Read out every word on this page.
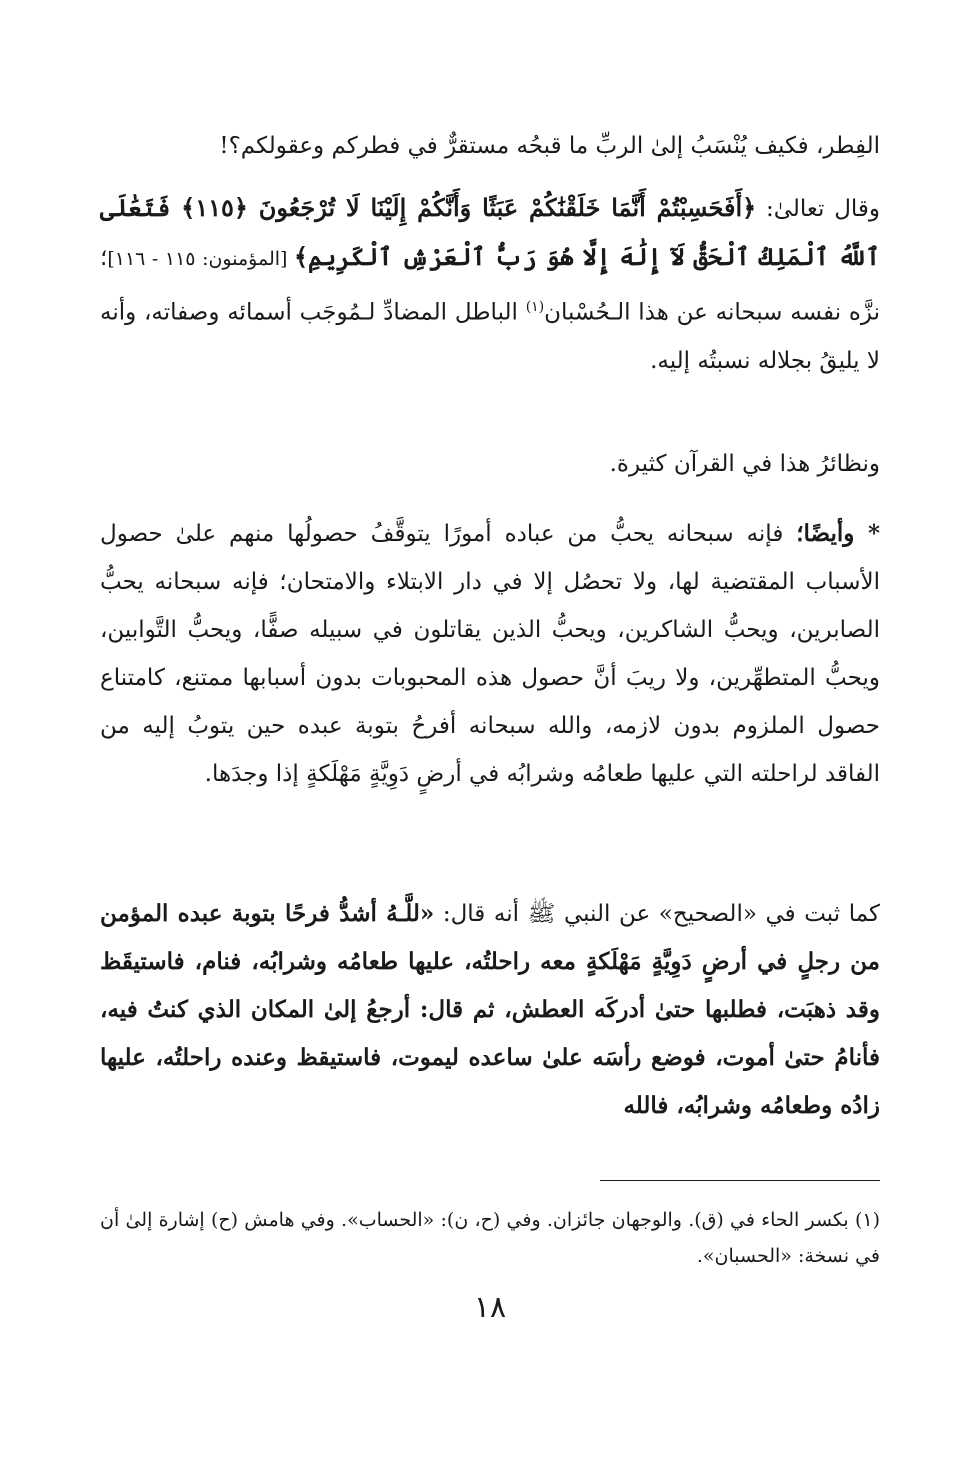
الفِطر، فكيف يُنْسَبُ إلىٰ الربِّ ما قبحُه مستقرٌّ في فطركم وعقولكم؟!

وقال تعالىٰ: ﴿أَفَحَسِبْتُمْ أَنَّمَا خَلَقْنَٰكُمْ عَبَثًا وَأَنَّكُمْ إِلَيْنَا لَا تُرْجَعُونَ ﴿١١٥﴾ فَتَعَٰلَى ٱللَّهُ ٱلْمَلِكُ ٱلْحَقُّ لَآ إِلَٰهَ إِلَّا هُوَ رَبُّ ٱلْعَرْشِ ٱلْكَرِيمِ﴾ [المؤمنون: ١١٥ - ١١٦]؛ نزَّه نفسه سبحانه عن هذا الـحُسْبان$^{(١)}$ الباطل المضادِّ لـمُوجَب أسمائه وصفاته، وأنه لا يليقُ بجلاله نسبتُه إليه.

ونظائرُ هذا في القرآن كثيرة.

* وأيضًا؛ فإنه سبحانه يحبُّ من عباده أمورًا يتوقَّفُ حصولُها منهم علىٰ حصول الأسباب المقتضية لها، ولا تحصُل إلا في دار الابتلاء والامتحان؛ فإنه سبحانه يحبُّ الصابرين، ويحبُّ الشاكرين، ويحبُّ الذين يقاتلون في سبيله صفًّا، ويحبُّ التَّوابين، ويحبُّ المتطهِّرين، ولا ريبَ أنَّ حصول هذه المحبوبات بدون أسبابها ممتنع، كامتناع حصول الملزوم بدون لازمه، والله سبحانه أفرحُ بتوبة عبده حين يتوبُ إليه من الفاقد لراحلته التي عليها طعامُه وشرابُه في أرضٍ دَوِيَّةٍ مَهْلَكةٍ إذا وجدَها.

كما ثبت في «الصحيح» عن النبي ﷺ أنه قال: «للَّـهُ أشدُّ فرحًا بتوبة عبده المؤمن من رجلٍ في أرضٍ دَوِيَّةٍ مَهْلَكةٍ معه راحلتُه، عليها طعامُه وشرابُه، فنام، فاستيقَظ وقد ذهبَت، فطلبها حتىٰ أدركَه العطش، ثم قال: أرجعُ إلىٰ المكان الذي كنتُ فيه، فأنامُ حتىٰ أموت، فوضع رأسَه علىٰ ساعده ليموت، فاستيقظ وعنده راحلتُه، عليها زادُه وطعامُه وشرابُه، فالله

(١) بكسر الحاء في (ق). والوجهان جائزان. وفي (ح، ن): «الحساب». وفي هامش (ح) إشارة إلىٰ أن في نسخة: «الحسبان».

١٨
